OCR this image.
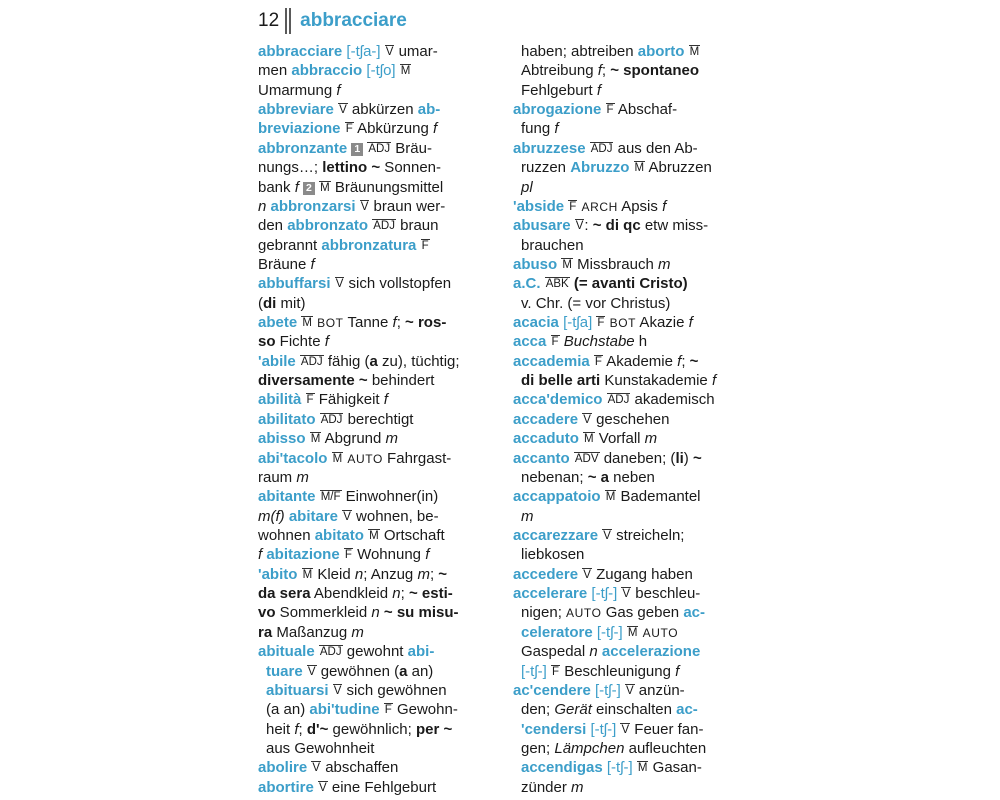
12 abbracciare
abbracciare [-tʃa-] V umar-
men abbraccio [-tʃo] M
Umarmung f
abbreviare V abkürzen ab-
breviazione F Abkürzung f
abbronzante 1 ADJ Bräu-
nungs…; lettino ~ Sonnen-
bank f 2 M Bräunungsmittel
n abbronzarsi V braun wer-
den abbronzato ADJ braun
gebrannt abbronzatura F
Bräune f
abbuffarsi V sich vollstopfen
(di mit)
abete M BOT Tanne f; ~ ros-
so Fichte f
'abile ADJ fähig (a zu), tüchtig;
diversamente ~ behindert
abilità F Fähigkeit f
abilitato ADJ berechtigt
abisso M Abgrund m
abi'tacolo M AUTO Fahrgast-
raum m
abitante M/F Einwohner(in)
m(f) abitare V wohnen, be-
wohnen abitato M Ortschaft
f abitazione F Wohnung f
'abito M Kleid n; Anzug m; ~
da sera Abendkleid n; ~ esti-
vo Sommerkleid n ~ su misu-
ra Maßanzug m
abituale ADJ gewohnt abi-
tuare V gewöhnen (a an)
abituarsi V sich gewöhnen
(a an) abi'tudine F Gewohn-
heit f; d'~ gewöhnlich; per ~
aus Gewohnheit
abolire V abschaffen
abortire V eine Fehlgeburt
haben; abtreiben aborto M
Abtreibung f; ~ spontaneo
Fehlgeburt f
abrogazione F Abschaf-
fung f
abruzzese ADJ aus den Ab-
ruzzen Abruzzo M Abruzzen
pl
'abside F ARCH Apsis f
abusare V: ~ di qc etw miss-
brauchen
abuso M Missbrauch m
a.C. ABK (= avanti Cristo)
v. Chr. (= vor Christus)
acacia [-tʃa] F BOT Akazie f
acca F Buchstabe h
accademia F Akademie f; ~
di belle arti Kunstakademie f
acca'demico ADJ akademisch
accadere V geschehen
accaduto M Vorfall m
accanto ADV daneben; (li) ~
nebenan; ~ a neben
accappatoio M Bademantel
m
accarezzare V streicheln;
liebkosen
accedere V Zugang haben
accelerare [-tʃ-] V beschleu-
nigen; AUTO Gas geben ac-
celeratore [-tʃ-] M AUTO
Gaspedal n accelerazione
[-tʃ-] F Beschleunigung f
ac'cendere [-tʃ-] V anzün-
den; Gerät einschalten ac-
'cendersi [-tʃ-] V Feuer fan-
gen; Lämpchen aufleuchten
accendigas [-tʃ-] M Gasan-
zünder m
